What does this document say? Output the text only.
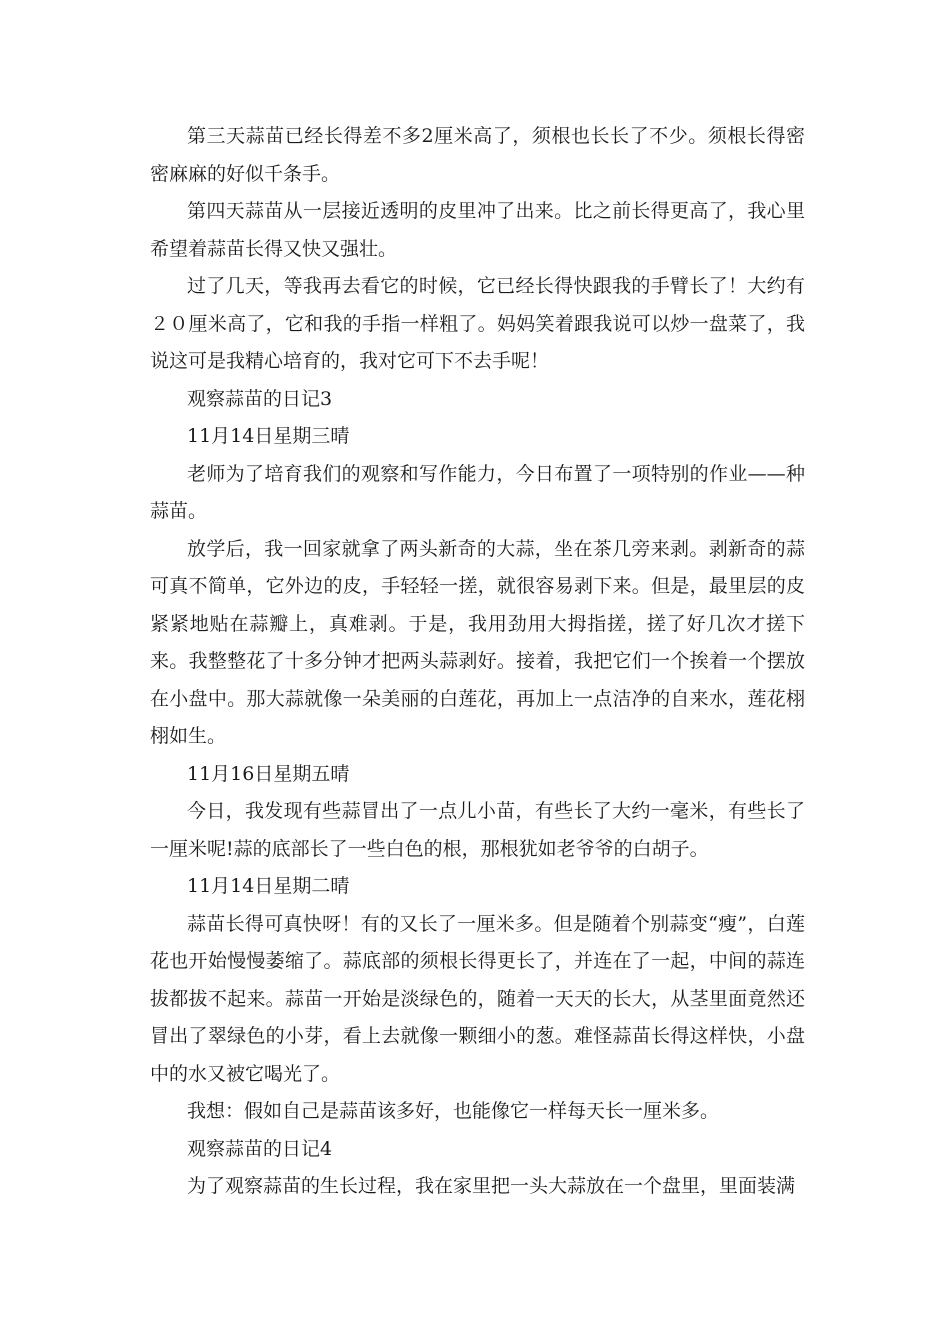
第三天蒜苗已经长得差不多2厘米高了，须根也长长了不少。须根长得密密麻麻的好似千条手。

第四天蒜苗从一层接近透明的皮里冲了出来。比之前长得更高了，我心里希望着蒜苗长得又快又强壮。

过了几天，等我再去看它的时候，它已经长得快跟我的手臂长了！大约有２０厘米高了，它和我的手指一样粗了。妈妈笑着跟我说可以炒一盘菜了，我说这可是我精心培育的，我对它可下不去手呢！

观察蒜苗的日记3

11月14日星期三晴

老师为了培育我们的观察和写作能力，今日布置了一项特别的作业——种蒜苗。

放学后，我一回家就拿了两头新奇的大蒜，坐在茶几旁来剥。剥新奇的蒜可真不简单，它外边的皮，手轻轻一搓，就很容易剥下来。但是，最里层的皮紧紧地贴在蒜瓣上，真难剥。于是，我用劲用大拇指搓，搓了好几次才搓下来。我整整花了十多分钟才把两头蒜剥好。接着，我把它们一个挨着一个摆放在小盘中。那大蒜就像一朵美丽的白莲花，再加上一点洁净的自来水，莲花栩栩如生。

11月16日星期五晴

今日，我发现有些蒜冒出了一点儿小苗，有些长了大约一毫米，有些长了一厘米呢!蒜的底部长了一些白色的根，那根犹如老爷爷的白胡子。

11月14日星期二晴

蒜苗长得可真快呀！有的又长了一厘米多。但是随着个别蒜变“瘦”，白莲花也开始慢慢萎缩了。蒜底部的须根长得更长了，并连在了一起，中间的蒜连拔都拔不起来。蒜苗一开始是淡绿色的，随着一天天的长大，从茎里面竟然还冒出了翠绿色的小芽，看上去就像一颗细小的葱。难怪蒜苗长得这样快，小盘中的水又被它喝光了。

我想：假如自己是蒜苗该多好，也能像它一样每天长一厘米多。

观察蒜苗的日记4

为了观察蒜苗的生长过程，我在家里把一头大蒜放在一个盘里，里面装满
